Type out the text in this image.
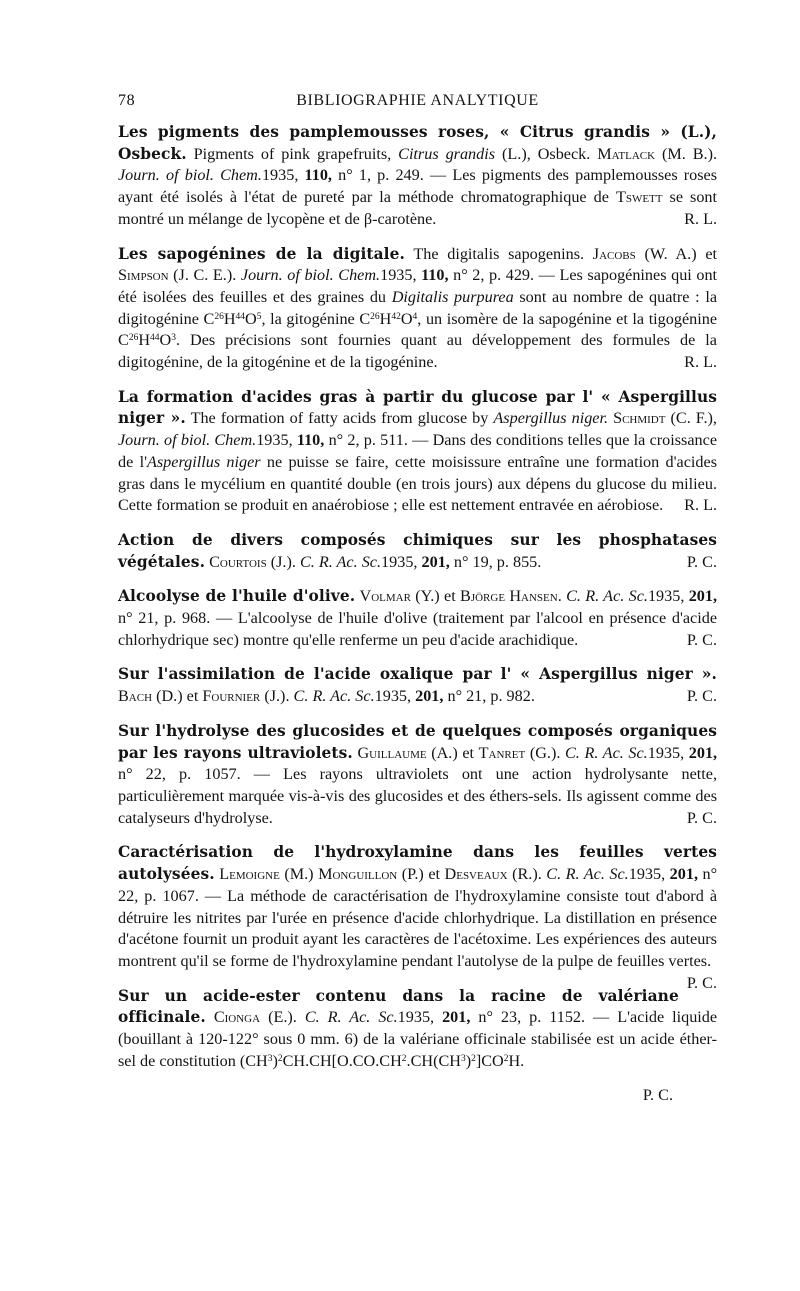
78	BIBLIOGRAPHIE ANALYTIQUE

Les pigments des pamplemousses roses, « Citrus grandis » (L.), Osbeck. Pigments of pink grapefruits, Citrus grandis (L.), Osbeck. Matlack (M. B.). Journ. of biol. Chem.1935, 110, n° 1, p. 249. — Les pigments des pamplemousses roses ayant été isolés à l'état de pureté par la méthode chromatographique de Tswett se sont montré un mélange de lycopène et de β-carotène.	R. L.

Les sapogénines de la digitale. The digitalis sapogenins. Jacobs (W. A.) et Simpson (J. C. E.). Journ. of biol. Chem.1935, 110, n° 2, p. 429. — Les sapogénines qui ont été isolées des feuilles et des graines du Digitalis purpurea sont au nombre de quatre : la digitogénine $C^{26}H^{44}O^5$, la gitogénine $C^{26}H^{42}O^4$, un isomère de la sapogénine et la tigogénine $C^{26}H^{44}O^3$. Des précisions sont fournies quant au développement des formules de la digitogénine, de la gitogénine et de la tigogénine.	R. L.

La formation d'acides gras à partir du glucose par l' « Aspergillus niger ». The formation of fatty acids from glucose by Aspergillus niger. Schmidt (C. F.), Journ. of biol. Chem.1935, 110, n° 2, p. 511. — Dans des conditions telles que la croissance de l'Aspergillus niger ne puisse se faire, cette moisissure entraîne une formation d'acides gras dans le mycélium en quantité double (en trois jours) aux dépens du glucose du milieu. Cette formation se produit en anaérobiose ; elle est nettement entravée en aérobiose. R. L.

Action de divers composés chimiques sur les phosphatases végétales. Courtois (J.). C. R. Ac. Sc.1935, 201, n° 19, p. 855.	P. C.

Alcoolyse de l'huile d'olive. Volmar (Y.) et Björge Hansen. C. R. Ac. Sc.1935, 201, n° 21, p. 968. — L'alcoolyse de l'huile d'olive (traitement par l'alcool en présence d'acide chlorhydrique sec) montre qu'elle renferme un peu d'acide arachidique.	P. C.

Sur l'assimilation de l'acide oxalique par l' « Aspergillus niger ». Bach (D.) et Fournier (J.). C. R. Ac. Sc.1935, 201, n° 21, p. 982.	P. C.

Sur l'hydrolyse des glucosides et de quelques composés organiques par les rayons ultraviolets. Guillaume (A.) et Tanret (G.). C. R. Ac. Sc.1935, 201, n° 22, p. 1057. — Les rayons ultraviolets ont une action hydrolysante nette, particulièrement marquée vis-à-vis des glucosides et des éthers-sels. Ils agissent comme des catalyseurs d'hydrolyse.	P. C.

Caractérisation de l'hydroxylamine dans les feuilles vertes autolysées. Lemoigne (M.) Monguillon (P.) et Desveaux (R.). C. R. Ac. Sc.1935, 201, n° 22, p. 1067. — La méthode de caractérisation de l'hydroxylamine consiste tout d'abord à détruire les nitrites par l'urée en présence d'acide chlorhydrique. La distillation en présence d'acétone fournit un produit ayant les caractères de l'acétoxime. Les expériences des auteurs montrent qu'il se forme de l'hydroxylamine pendant l'autolyse de la pulpe de feuilles vertes.
P. C.

Sur un acide-ester contenu dans la racine de valériane officinale. Cionga (E.). C. R. Ac. Sc.1935, 201, n° 23, p. 1152. — L'acide liquide (bouillant à 120-122° sous 0 mm. 6) de la valériane officinale stabilisée est un acide éther-sel de constitution $(CH^3)^2CH.CH[O.CO.CH^2.CH(CH^3)^2]CO^2H$.

P. C.
